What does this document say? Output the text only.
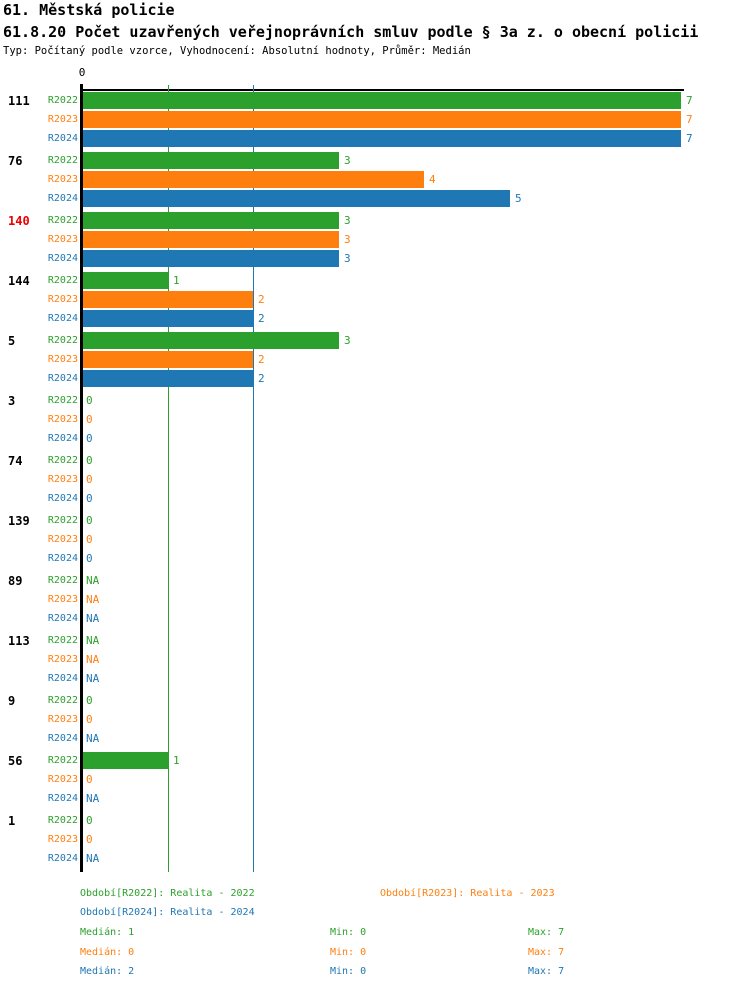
61. Městská policie
61.8.20 Počet uzavřených veřejnoprávních smluv podle § 3a z. o obecní policii
Typ: Počítaný podle vzorce, Vyhodnocení: Absolutní hodnoty, Průměr: Medián
0
111	R2022	7
R2023	7
R2024	7
76	R2022	3
R2023	4
R2024	5
140	R2022	3
R2023	3
R2024	3
144	R2022	1
R2023	2
R2024	2
5	R2022	3
R2023	2
R2024	2
3	R2022 0
R2023 0
R2024 0
74	R2022 0
R2023 0
R2024 0
139	R2022 0
R2023 0
R2024 0
89	R2022 NA
R2023 NA
R2024 NA
113	R2022 NA
R2023 NA
R2024 NA
9	R2022 0
R2023 0
R2024 NA
56	R2022	1
R2023 0
R2024 NA
1	R2022 0
R2023 0
R2024 NA
Období[R2022]: Realita - 2022	Období[R2023]: Realita - 2023
Období[R2024]: Realita - 2024
Medián: 1	Min: 0	Max: 7
Medián: 0	Min: 0	Max: 7
Medián: 2	Min: 0	Max: 7
